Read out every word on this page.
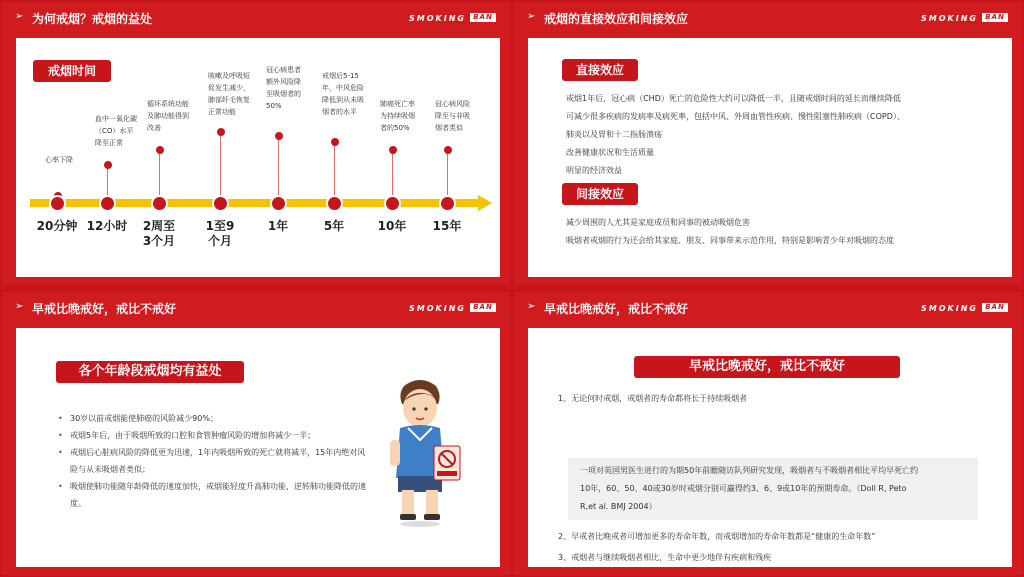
➢ 为何戒烟？戒烟的益处	SMOKING	BAN
戒烟时间
心率下降
20分钟
血中一氧化碳（CO）水平降至正常
12小时
循环系统功能及肺功能得到改善
2周至3个月
咳嗽及呼吸短促发生减少，肺部纤毛恢复正常功能
1至9个月
冠心病患者额外风险降至吸烟者的50%
1年
戒烟后5-15年，中风危险降低到从未吸烟者的水平
5年
肺癌死亡率为持续吸烟者的50%
10年
冠心病风险降至与非吸烟者类似
15年
➢ 戒烟的直接效应和间接效应	SMOKING	BAN
直接效应
戒烟1年后，冠心病（CHD）死亡的危险性大约可以降低一半，且随戒烟时间的延长而继续降低
可减少很多疾病的发病率及病死率，包括中风、外周血管性疾病、慢性阻塞性肺疾病（COPD）、
肺炎以及胃和十二指肠溃疡
改善健康状况和生活质量
明显的经济效益
间接效应
减少周围的人尤其是家庭成员和同事的被动吸烟危害
吸烟者戒烟的行为还会给其家庭、朋友、同事带来示范作用，特别是影响青少年对吸烟的态度
➢ 早戒比晚戒好，戒比不戒好	SMOKING	BAN
各个年龄段戒烟均有益处
• 30岁以前戒烟能使肺癌的风险减少90%；
• 戒烟5年后，由于吸烟所致的口腔和食管肿瘤风险的增加将减少一半；
• 戒烟后心脏病风险的降低更为迅速，1年内吸烟所致的死亡就将减半，15年内绝对风险与从未吸烟者类似；
• 吸烟使肺功能随年龄降低的速度加快，戒烟能轻度升高肺功能，逆转肺功能降低的速度。
➢ 早戒比晚戒好，戒比不戒好	SMOKING	BAN
早戒比晚戒好，戒比不戒好
1、无论何时戒烟，戒烟者的寿命都将长于持续吸烟者
一项对英国男医生进行的为期50年前瞻随访队列研究发现，吸烟者与不吸烟者相比平均早死亡约
10年，60、50、40或30岁时戒烟分别可赢得约3、6、9或10年的预期寿命。（Doll R, Peto
R,et al. BMJ 2004）
2、早戒者比晚戒者可增加更多的寿命年数，而戒烟增加的寿命年数都是“健康的生命年数”
3、戒烟者与继续吸烟者相比，生命中更少地伴有疾病和残疾
